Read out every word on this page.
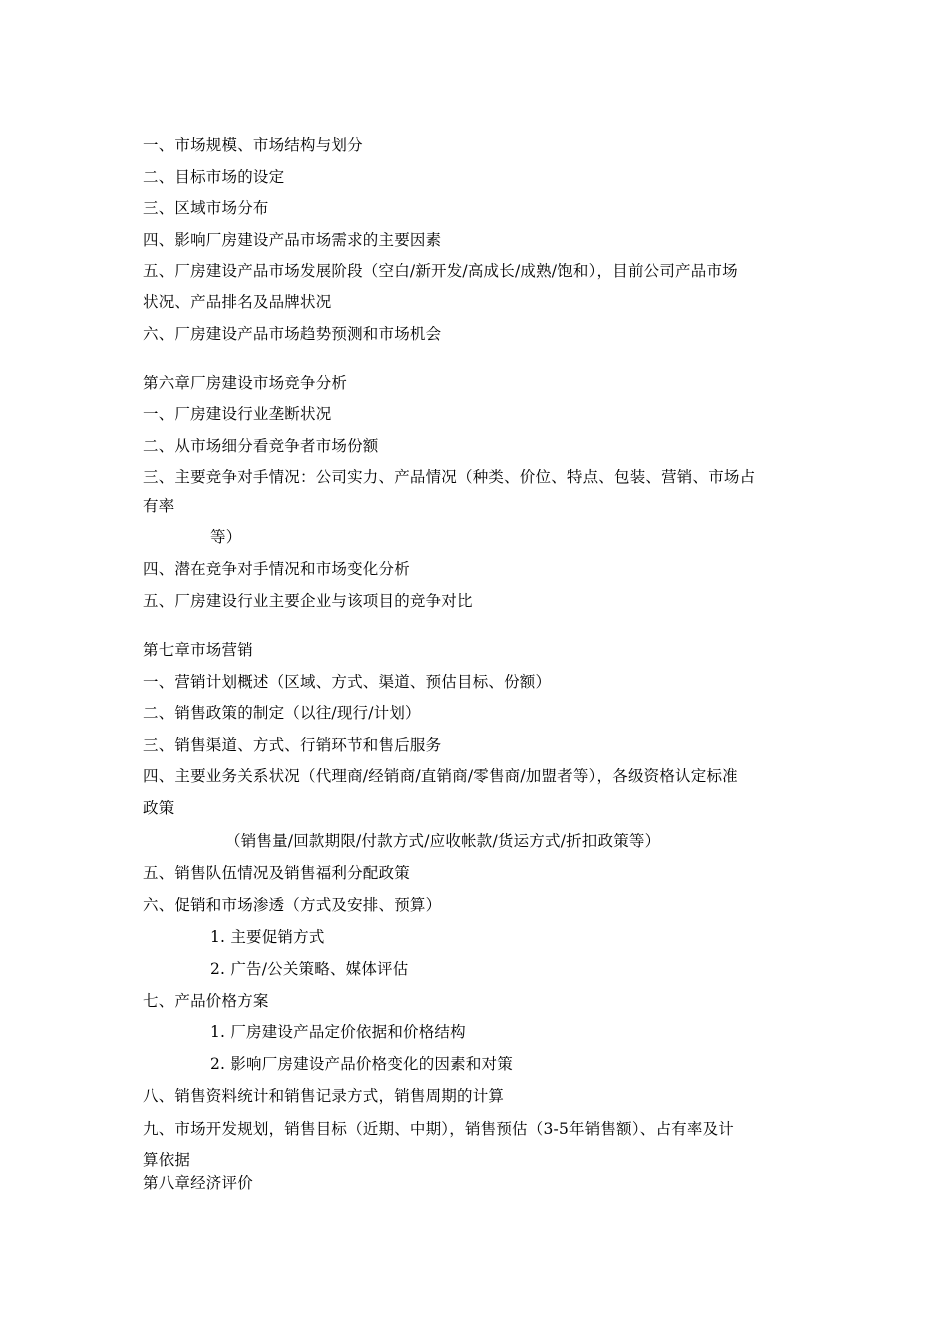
一、市场规模、市场结构与划分
二、目标市场的设定
三、区域市场分布
四、影响厂房建设产品市场需求的主要因素
五、厂房建设产品市场发展阶段（空白/新开发/高成长/成熟/饱和），目前公司产品市场
状况、产品排名及品牌状况
六、厂房建设产品市场趋势预测和市场机会
第六章厂房建设市场竞争分析
一、厂房建设行业垄断状况
二、从市场细分看竞争者市场份额
三、主要竞争对手情况：公司实力、产品情况（种类、价位、特点、包装、营销、市场占
有率
等）
四、潜在竞争对手情况和市场变化分析
五、厂房建设行业主要企业与该项目的竞争对比
第七章市场营销
一、营销计划概述（区域、方式、渠道、预估目标、份额）
二、销售政策的制定（以往/现行/计划）
三、销售渠道、方式、行销环节和售后服务
四、主要业务关系状况（代理商/经销商/直销商/零售商/加盟者等），各级资格认定标准
政策
（销售量/回款期限/付款方式/应收帐款/货运方式/折扣政策等）
五、销售队伍情况及销售福利分配政策
六、促销和市场渗透（方式及安排、预算）
1. 主要促销方式
2. 广告/公关策略、媒体评估
七、产品价格方案
1. 厂房建设产品定价依据和价格结构
2. 影响厂房建设产品价格变化的因素和对策
八、销售资料统计和销售记录方式，销售周期的计算
九、市场开发规划，销售目标（近期、中期），销售预估（3-5年销售额）、占有率及计
算依据
第八章经济评价
